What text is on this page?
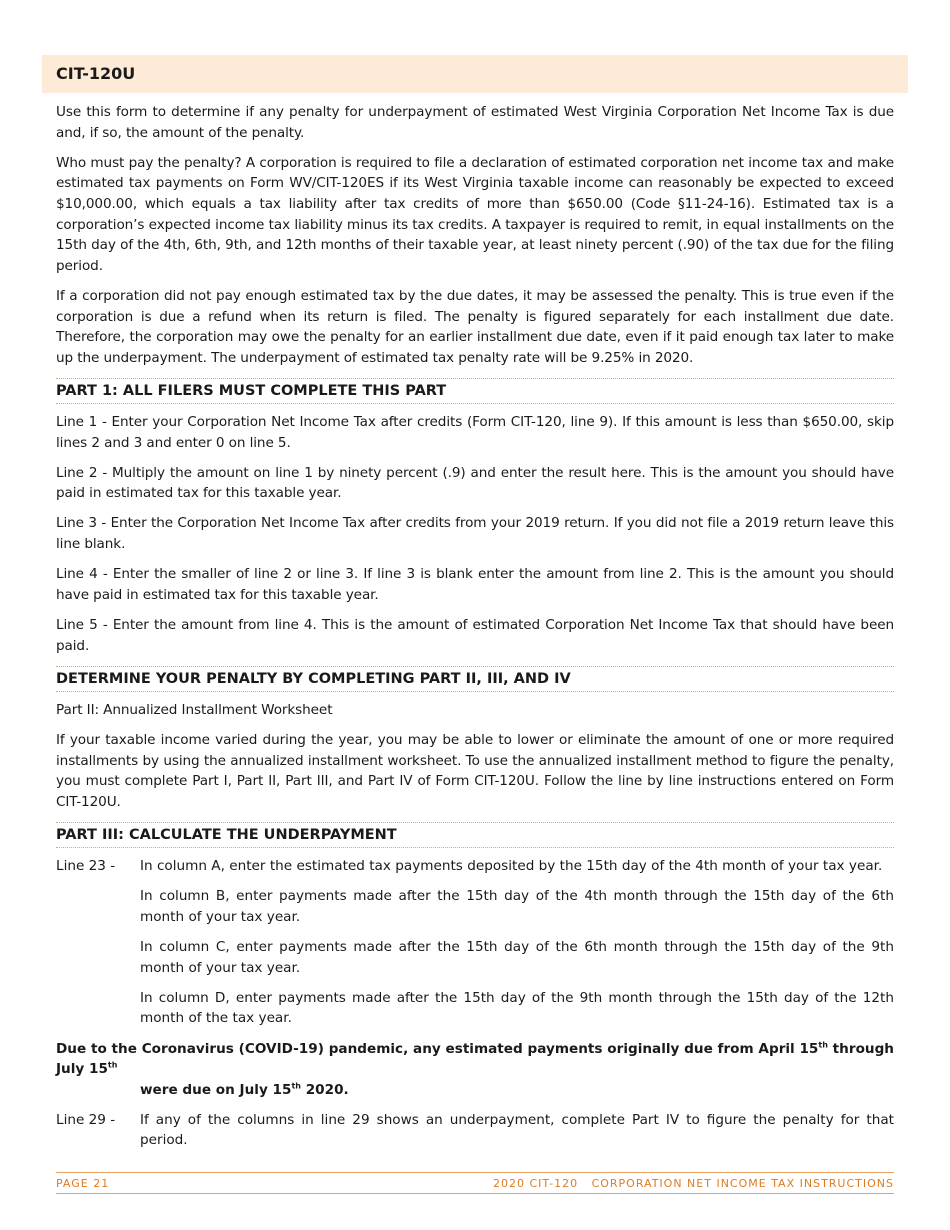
CIT-120U

Use this form to determine if any penalty for underpayment of estimated West Virginia Corporation Net Income Tax is due and, if so, the amount of the penalty.

Who must pay the penalty? A corporation is required to file a declaration of estimated corporation net income tax and make estimated tax payments on Form WV/CIT-120ES if its West Virginia taxable income can reasonably be expected to exceed $10,000.00, which equals a tax liability after tax credits of more than $650.00 (Code §11-24-16). Estimated tax is a corporation’s expected income tax liability minus its tax credits. A taxpayer is required to remit, in equal installments on the 15th day of the 4th, 6th, 9th, and 12th months of their taxable year, at least ninety percent (.90) of the tax due for the filing period.

If a corporation did not pay enough estimated tax by the due dates, it may be assessed the penalty. This is true even if the corporation is due a refund when its return is filed. The penalty is figured separately for each installment due date. Therefore, the corporation may owe the penalty for an earlier installment due date, even if it paid enough tax later to make up the underpayment. The underpayment of estimated tax penalty rate will be 9.25% in 2020.

PART 1: ALL FILERS MUST COMPLETE THIS PART

Line 1 - Enter your Corporation Net Income Tax after credits (Form CIT-120, line 9). If this amount is less than $650.00, skip lines 2 and 3 and enter 0 on line 5.

Line 2 - Multiply the amount on line 1 by ninety percent (.9) and enter the result here. This is the amount you should have paid in estimated tax for this taxable year.

Line 3 - Enter the Corporation Net Income Tax after credits from your 2019 return. If you did not file a 2019 return leave this line blank.

Line 4 - Enter the smaller of line 2 or line 3. If line 3 is blank enter the amount from line 2. This is the amount you should have paid in estimated tax for this taxable year.

Line 5 - Enter the amount from line 4. This is the amount of estimated Corporation Net Income Tax that should have been paid.

DETERMINE YOUR PENALTY BY COMPLETING PART II, III, AND IV

Part II: Annualized Installment Worksheet

If your taxable income varied during the year, you may be able to lower or eliminate the amount of one or more required installments by using the annualized installment worksheet. To use the annualized installment method to figure the penalty, you must complete Part I, Part II, Part III, and Part IV of Form CIT-120U. Follow the line by line instructions entered on Form CIT-120U.

PART III: CALCULATE THE UNDERPAYMENT
Line 23 -	In column A, enter the estimated tax payments deposited by the 15th day of the 4th month of your tax year.
In column B, enter payments made after the 15th day of the 4th month through the 15th day of the 6th month of your tax year.
In column C, enter payments made after the 15th day of the 6th month through the 15th day of the 9th month of your tax year.
In column D, enter payments made after the 15th day of the 9th month through the 15th day of the 12th month of the tax year.
Due to the Coronavirus (COVID-19) pandemic, any estimated payments originally due from April 15th through July 15th
were due on July 15th 2020.
Line 29 -	If any of the columns in line 29 shows an underpayment, complete Part IV to figure the penalty for that period.
PAGE 21	2020 CIT-120   CORPORATION NET INCOME TAX INSTRUCTIONS
